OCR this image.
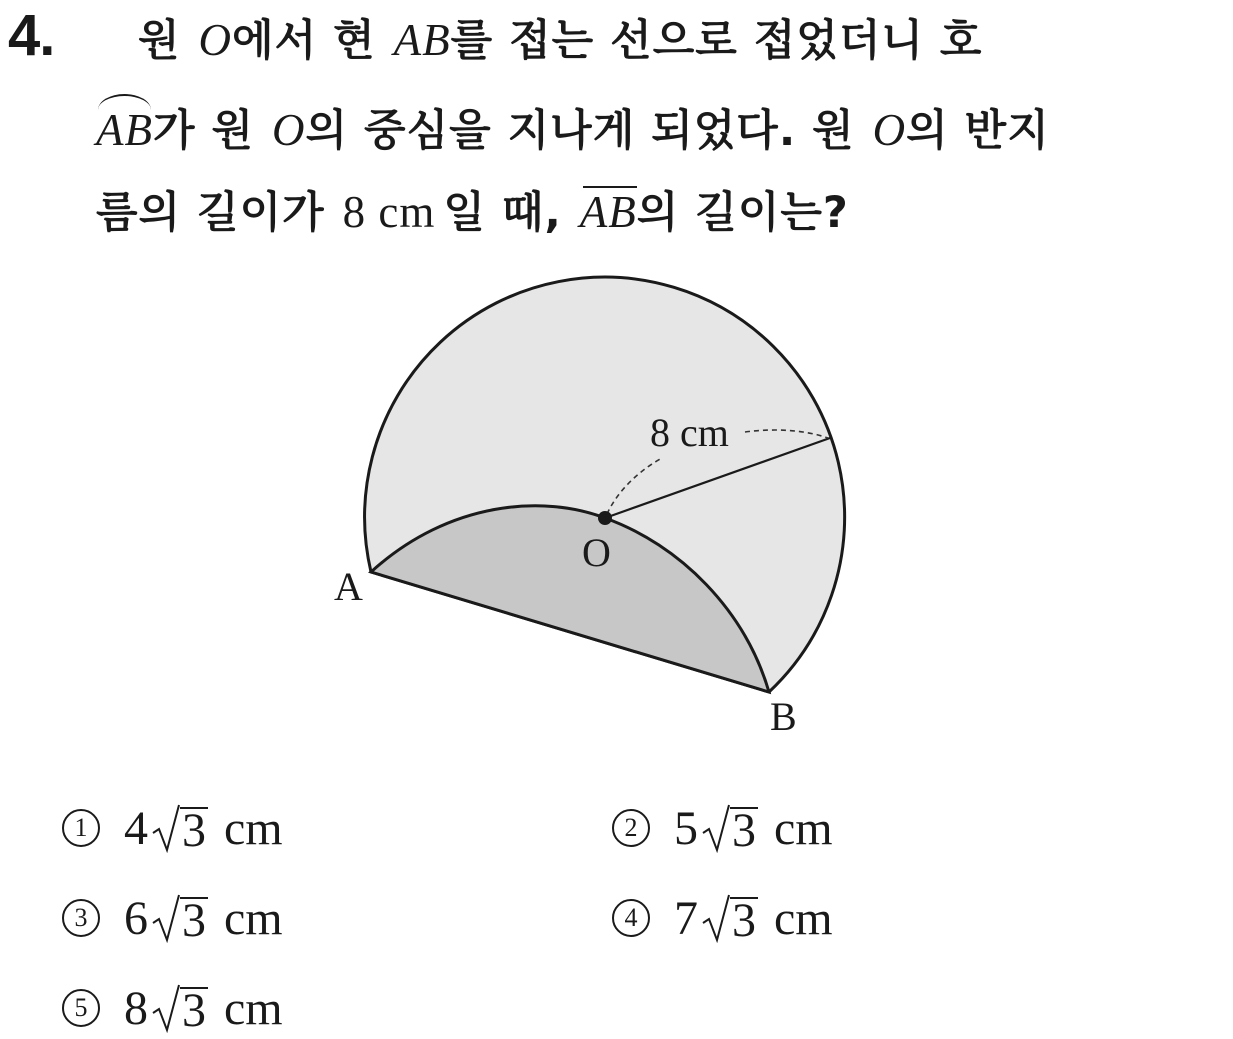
4. 원 O에서 현 AB를 접는 선으로 접었더니 호
AB가 원 O의 중심을 지나게 되었다. 원 O의 반지
름의 길이가 8 cm 일 때, AB의 길이는?
8 cm
O
A
B
1 4 3 cm	2 5 3 cm
3 6 3 cm	4 7 3 cm
5 8 3 cm
